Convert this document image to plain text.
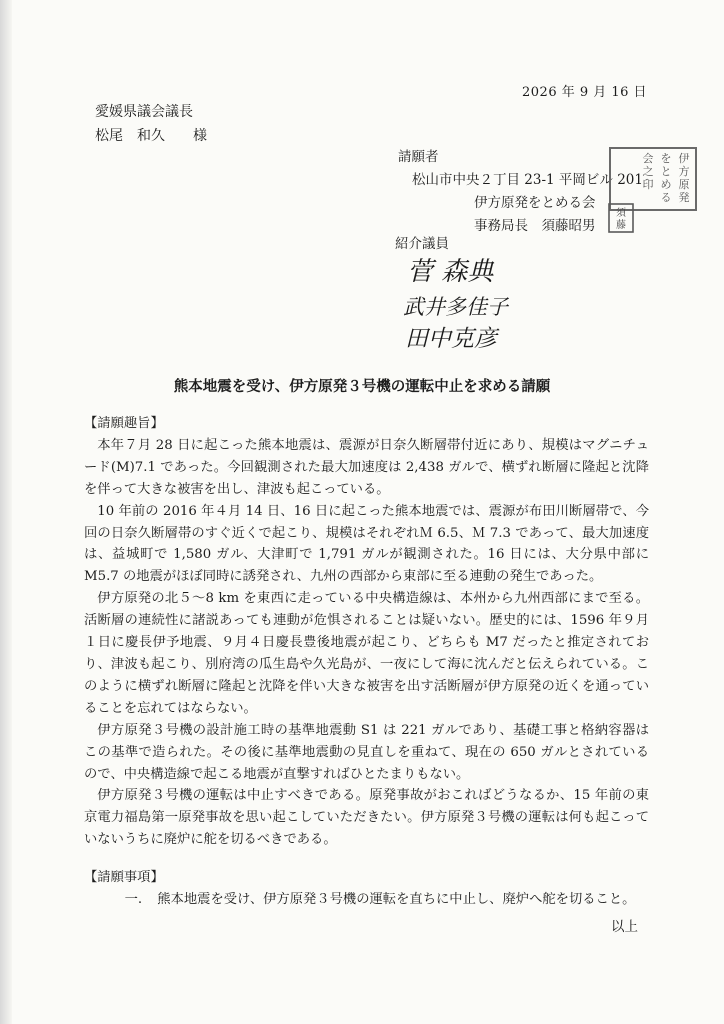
2026 年 9 月 16 日
愛媛県議会議長
松尾　和久　　様
請願者
松山市中央２丁目 23-1 平岡ビル 201
伊方原発をとめる会
事務局長　須藤昭男
伊
方
原
発
を
と
め
る
会
之
印
須
藤
紹介議員
菅 森典
武井多佳子
田中克彦
熊本地震を受け、伊方原発３号機の運転中止を求める請願

【請願趣旨】

本年７月 28 日に起こった熊本地震は、震源が日奈久断層帯付近にあり、規模はマグニチュード(M)7.1 であった。今回観測された最大加速度は 2,438 ガルで、横ずれ断層に隆起と沈降を伴って大きな被害を出し、津波も起こっている。

10 年前の 2016 年４月 14 日、16 日に起こった熊本地震では、震源が布田川断層帯で、今回の日奈久断層帯のすぐ近くで起こり、規模はそれぞれＭ 6.5、Ｍ 7.3 であって、最大加速度は、益城町で 1,580 ガル、大津町で 1,791 ガルが観測された。16 日には、大分県中部に M5.7 の地震がほぼ同時に誘発され、九州の西部から東部に至る連動の発生であった。

伊方原発の北５～8 km を東西に走っている中央構造線は、本州から九州西部にまで至る。活断層の連続性に諸説あっても連動が危惧されることは疑いない。歴史的には、1596 年９月１日に慶長伊予地震、９月４日慶長豊後地震が起こり、どちらも M7 だったと推定されており、津波も起こり、別府湾の瓜生島や久光島が、一夜にして海に沈んだと伝えられている。このように横ずれ断層に隆起と沈降を伴い大きな被害を出す活断層が伊方原発の近くを通っていることを忘れてはならない。

伊方原発３号機の設計施工時の基準地震動 S1 は 221 ガルであり、基礎工事と格納容器はこの基準で造られた。その後に基準地震動の見直しを重ねて、現在の 650 ガルとされているので、中央構造線で起こる地震が直撃すればひとたまりもない。

伊方原発３号機の運転は中止すべきである。原発事故がおこればどうなるか、15 年前の東京電力福島第一原発事故を思い起こしていただきたい。伊方原発３号機の運転は何も起こっていないうちに廃炉に舵を切るべきである。

【請願事項】

一. 熊本地震を受け、伊方原発３号機の運転を直ちに中止し、廃炉へ舵を切ること。

以上
